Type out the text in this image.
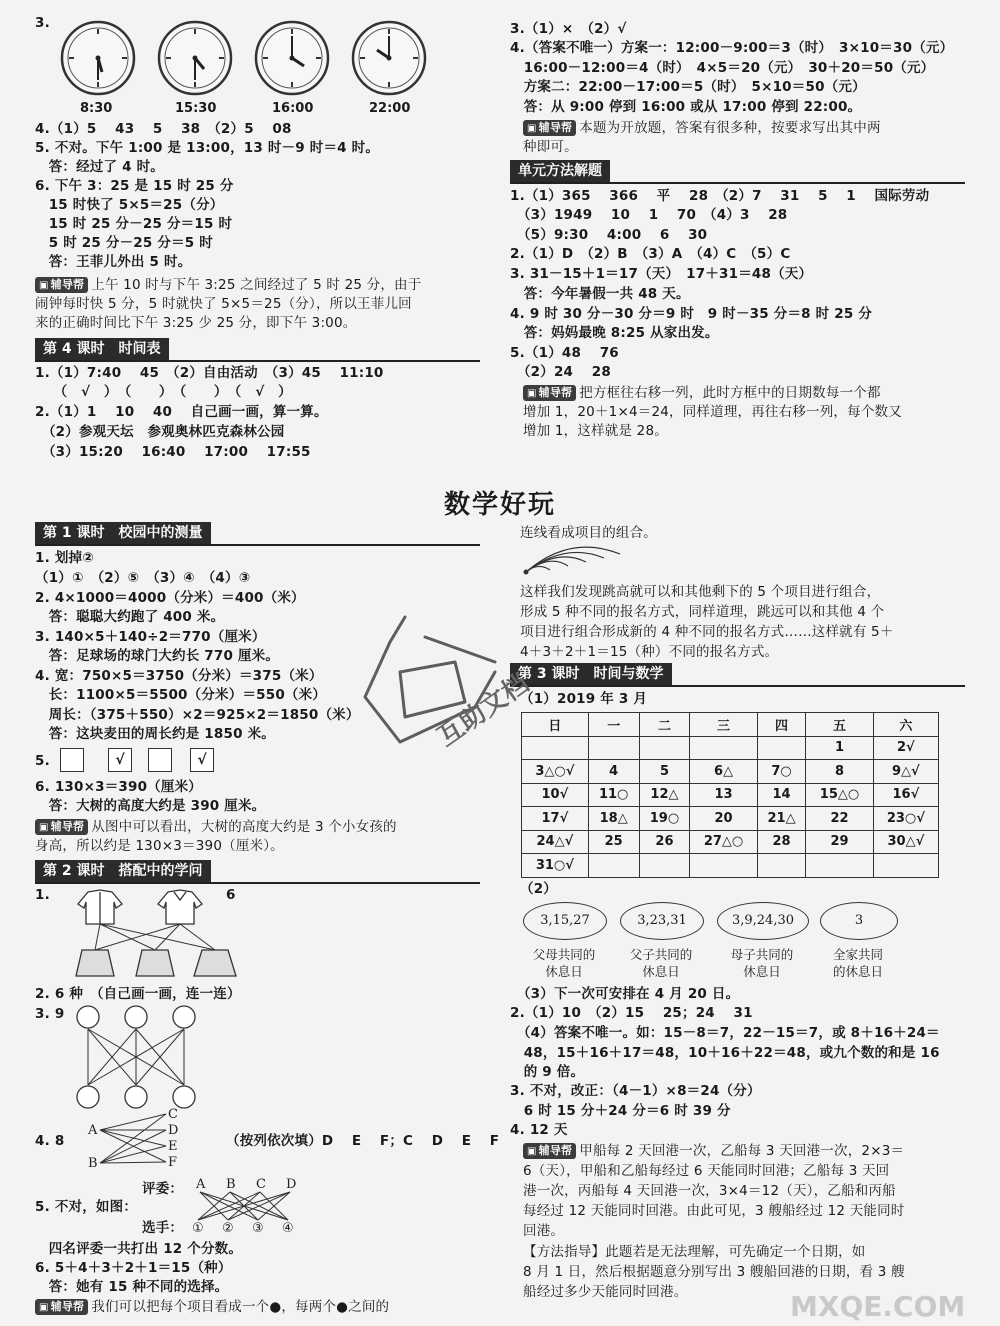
3.
8:30	15:30	16:00	22:00
4.（1）5　 43　 5　 38　（2）5　 08
5. 不对。下午 1:00 是 13:00，13 时－9 时＝4 时。
　答：经过了 4 时。
6. 下午 3：25 是 15 时 25 分
　15 时快了 5×5＝25（分）
　15 时 25 分－25 分＝15 时
　5 时 25 分－25 分＝5 时
　答：王菲儿外出 5 时。
▣ 辅导帮 上午 10 时与下午 3:25 之间经过了 5 时 25 分，由于
闹钟每时快 5 分，5 时就快了 5×5＝25（分），所以王菲儿回
来的正确时间比下午 3:25 少 25 分，即下午 3:00。
第 4 课时　时间表
1.（1）7:40　 45　（2）自由活动　（3）45　 11:10
　 （　√　）　（　　）　（　　）　（　√　）
2.（1）1　 10　 40　 自己画一画，算一算。
　（2）参观天坛　参观奥林匹克森林公园
　（3）15:20　 16:40　 17:00　 17:55
第 1 课时　校园中的测量
1. 划掉②
（1）①　（2）⑤　（3）④　（4）③
2. 4×1000＝4000（分米）＝400（米）
　答：聪聪大约跑了 400 米。
3. 140×5＋140÷2＝770（厘米）
　答：足球场的球门大约长 770 厘米。
4. 宽：750×5＝3750（分米）＝375（米）
　长：1100×5＝5500（分米）＝550（米）
　周长：（375＋550）×2＝925×2＝1850（米）
　答：这块麦田的周长约是 1850 米。
5.	√	√
6. 130×3＝390（厘米）
　答：大树的高度大约是 390 厘米。
▣ 辅导帮 从图中可以看出，大树的高度大约是 3 个小女孩的
身高，所以约是 130×3＝390（厘米）。
第 2 课时　搭配中的学问
1.	6
2. 6 种　（自己画一画，连一连）
3. 9
4. 8
A
B
C
D
E
F
（按列依次填）D　 E　 F；C　 D　 E　 F
5. 不对，如图：
评委：
选手：
A B C D
① ② ③ ④
　四名评委一共打出 12 个分数。
6. 5＋4＋3＋2＋1＝15（种）
　答：她有 15 种不同的选择。
▣ 辅导帮 我们可以把每个项目看成一个●，每两个●之间的
数学好玩
3.（1）×　（2）√
4.（答案不唯一）方案一：12:00－9:00＝3（时）　3×10＝30（元）
　16:00－12:00＝4（时）　4×5＝20（元）　30＋20＝50（元）
　方案二：22:00－17:00＝5（时）　5×10＝50（元）
　答：从 9:00 停到 16:00 或从 17:00 停到 22:00。
▣ 辅导帮 本题为开放题，答案有很多种，按要求写出其中两
种即可。
单元方法解题
1.（1）365　 366　 平　 28　（2）7　 31　 5　 1　 国际劳动
　（3）1949　 10　 1　 70　（4）3　 28
　（5）9:30　 4:00　 6　 30
2.（1）D　（2）B　（3）A　（4）C　（5）C
3. 31－15＋1＝17（天）　17＋31＝48（天）
　答：今年暑假一共 48 天。
4. 9 时 30 分－30 分＝9 时　9 时－35 分＝8 时 25 分
　答：妈妈最晚 8:25 从家出发。
5.（1）48　 76
　（2）24　 28
▣ 辅导帮 把方框往右移一列，此时方框中的日期数每一个都
增加 1，20＋1×4＝24，同样道理，再往右移一列，每个数又
增加 1，这样就是 28。
连线看成项目的组合。
这样我们发现跳高就可以和其他剩下的 5 个项目进行组合，
形成 5 种不同的报名方式，同样道理，跳远可以和其他 4 个
项目进行组合形成新的 4 种不同的报名方式……这样就有 5＋
4＋3＋2＋1＝15（种）不同的报名方式。
第 3 课时　时间与数学
（1）2019 年 3 月
日	一	二	三	四	五	六
					1	2√
3△○√	4	5	6△	7○	8	9△√
10√	11○	12△	13	14	15△○	16√
17√	18△	19○	20	21△	22	23○√
24△√	25	26	27△○	28	29	30△√
31○√						
（2）
3,15,27	3,23,31	3,9,24,30	3
父母共同的
休息日
父子共同的
休息日
母子共同的
休息日
全家共同
的休息日
　（3）下一次可安排在 4 月 20 日。
2.（1）10　（2）15　 25；24　 31
　（4）答案不唯一。如：15－8＝7，22－15＝7，或 8＋16＋24＝
　48，15＋16＋17＝48，10＋16＋22＝48，或九个数的和是 16
　的 9 倍。
3. 不对，改正：（4－1）×8＝24（分）
　6 时 15 分＋24 分＝6 时 39 分
4. 12 天
▣ 辅导帮 甲船每 2 天回港一次，乙船每 3 天回港一次，2×3＝
6（天），甲船和乙船每经过 6 天能同时回港；乙船每 3 天回
港一次，丙船每 4 天回港一次，3×4＝12（天），乙船和丙船
每经过 12 天能同时回港。由此可见，3 艘船经过 12 天能同时
回港。
【方法指导】此题若是无法理解，可先确定一个日期，如
8 月 1 日，然后根据题意分别写出 3 艘船回港的日期，看 3 艘
船经过多少天能同时回港。
互助文档
MXQE.COM
